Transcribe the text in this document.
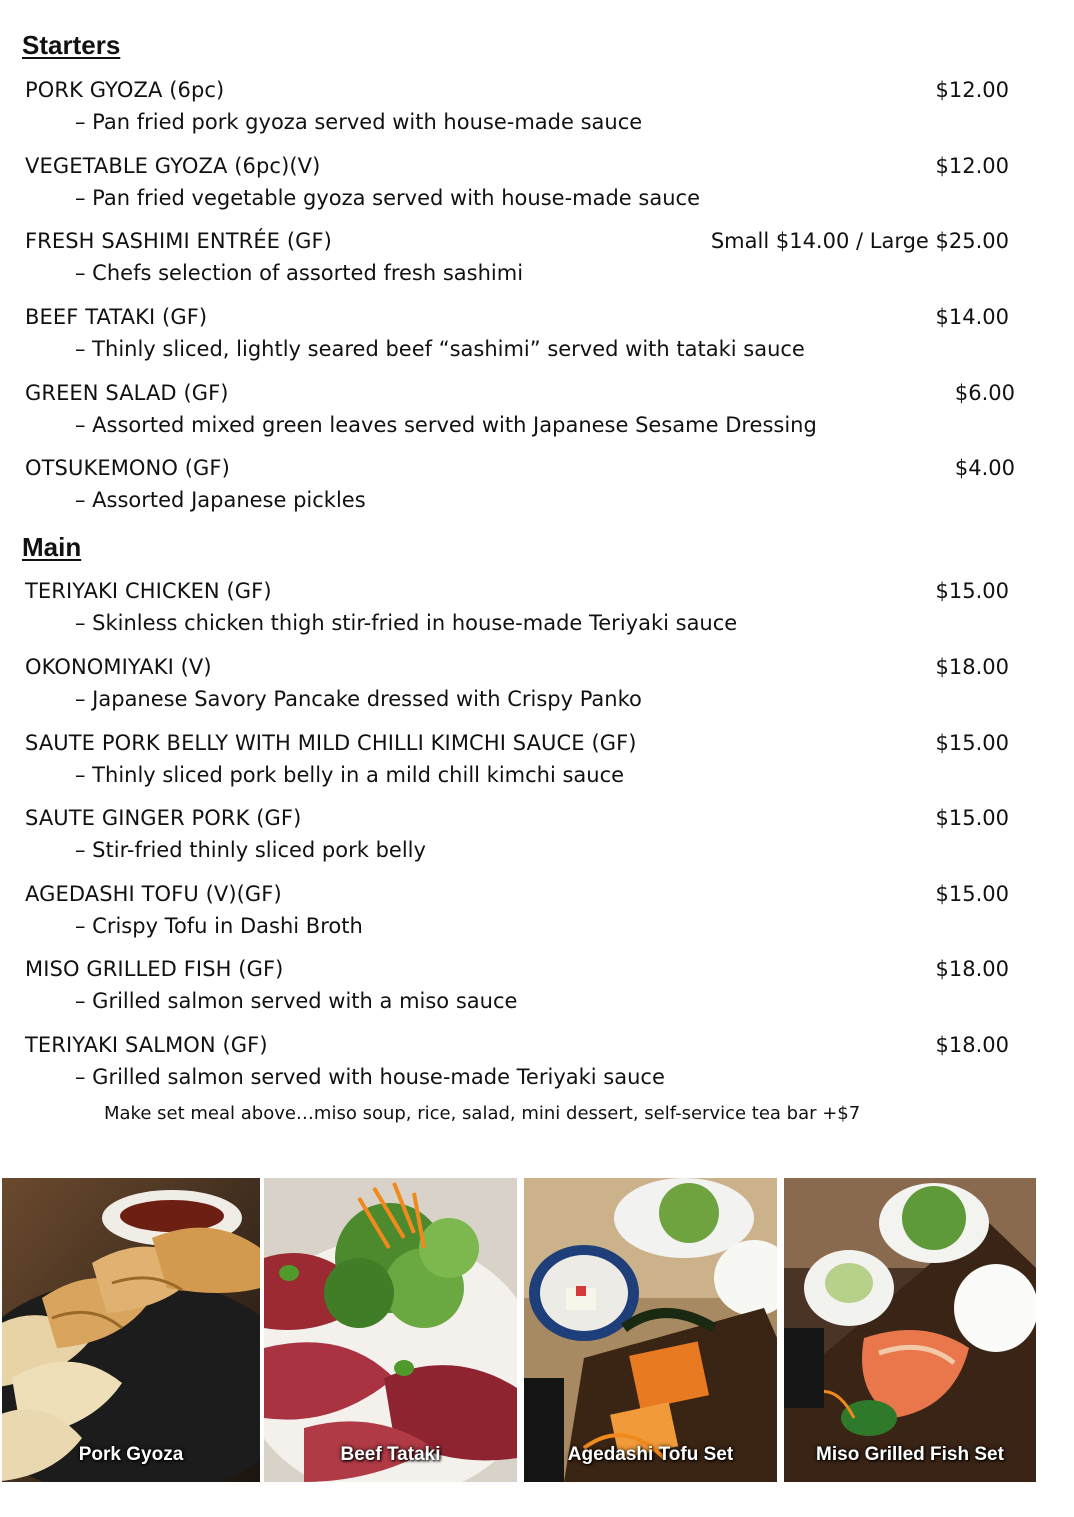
Starters
PORK GYOZA (6pc)	$12.00
– Pan fried pork gyoza served with house-made sauce
VEGETABLE GYOZA (6pc)(V)	$12.00
– Pan fried vegetable gyoza served with house-made sauce
FRESH SASHIMI ENTRÉE (GF)	Small $14.00 / Large $25.00
– Chefs selection of assorted fresh sashimi
BEEF TATAKI (GF)	$14.00
– Thinly sliced, lightly seared beef “sashimi” served with tataki sauce
GREEN SALAD (GF)	$6.00
– Assorted mixed green leaves served with Japanese Sesame Dressing
OTSUKEMONO (GF)	$4.00
– Assorted Japanese pickles
Main
TERIYAKI CHICKEN (GF)	$15.00
– Skinless chicken thigh stir-fried in house-made Teriyaki sauce
OKONOMIYAKI (V)	$18.00
– Japanese Savory Pancake dressed with Crispy Panko
SAUTE PORK BELLY WITH MILD CHILLI KIMCHI SAUCE (GF)	$15.00
– Thinly sliced pork belly in a mild chill kimchi sauce
SAUTE GINGER PORK (GF)	$15.00
– Stir-fried thinly sliced pork belly
AGEDASHI TOFU (V)(GF)	$15.00
– Crispy Tofu in Dashi Broth
MISO GRILLED FISH (GF)	$18.00
– Grilled salmon served with a miso sauce
TERIYAKI SALMON (GF)	$18.00
– Grilled salmon served with house-made Teriyaki sauce
Make set meal above…miso soup, rice, salad, mini dessert, self-service tea bar +$7
Pork Gyoza	Beef Tataki	Agedashi Tofu Set	Miso Grilled Fish Set
